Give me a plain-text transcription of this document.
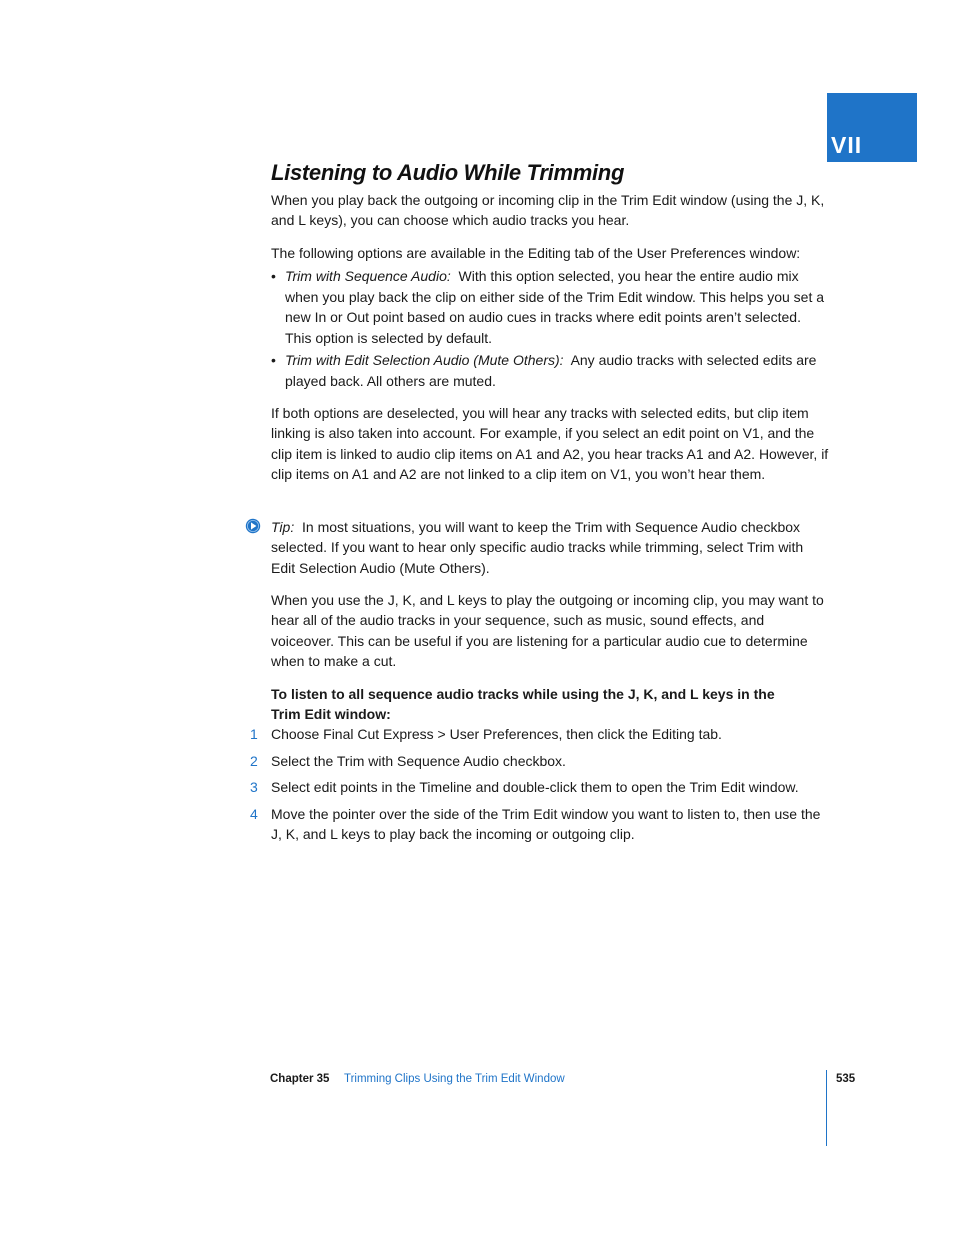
VII
Listening to Audio While Trimming

When you play back the outgoing or incoming clip in the Trim Edit window (using the J, K, and L keys), you can choose which audio tracks you hear.

The following options are available in the Editing tab of the User Preferences window:

• Trim with Sequence Audio: With this option selected, you hear the entire audio mix when you play back the clip on either side of the Trim Edit window. This helps you set a new In or Out point based on audio cues in tracks where edit points aren’t selected. This option is selected by default.
• Trim with Edit Selection Audio (Mute Others): Any audio tracks with selected edits are played back. All others are muted.

If both options are deselected, you will hear any tracks with selected edits, but clip item linking is also taken into account. For example, if you select an edit point on V1, and the clip item is linked to audio clip items on A1 and A2, you hear tracks A1 and A2. However, if clip items on A1 and A2 are not linked to a clip item on V1, you won’t hear them.

Tip: In most situations, you will want to keep the Trim with Sequence Audio checkbox selected. If you want to hear only specific audio tracks while trimming, select Trim with Edit Selection Audio (Mute Others).

When you use the J, K, and L keys to play the outgoing or incoming clip, you may want to hear all of the audio tracks in your sequence, such as music, sound effects, and voiceover. This can be useful if you are listening for a particular audio cue to determine when to make a cut.

To listen to all sequence audio tracks while using the J, K, and L keys in the
Trim Edit window:
1 Choose Final Cut Express > User Preferences, then click the Editing tab.
2 Select the Trim with Sequence Audio checkbox.
3 Select edit points in the Timeline and double-click them to open the Trim Edit window.
4 Move the pointer over the side of the Trim Edit window you want to listen to, then use the J, K, and L keys to play back the incoming or outgoing clip.
Chapter 35 Trimming Clips Using the Trim Edit Window	535
